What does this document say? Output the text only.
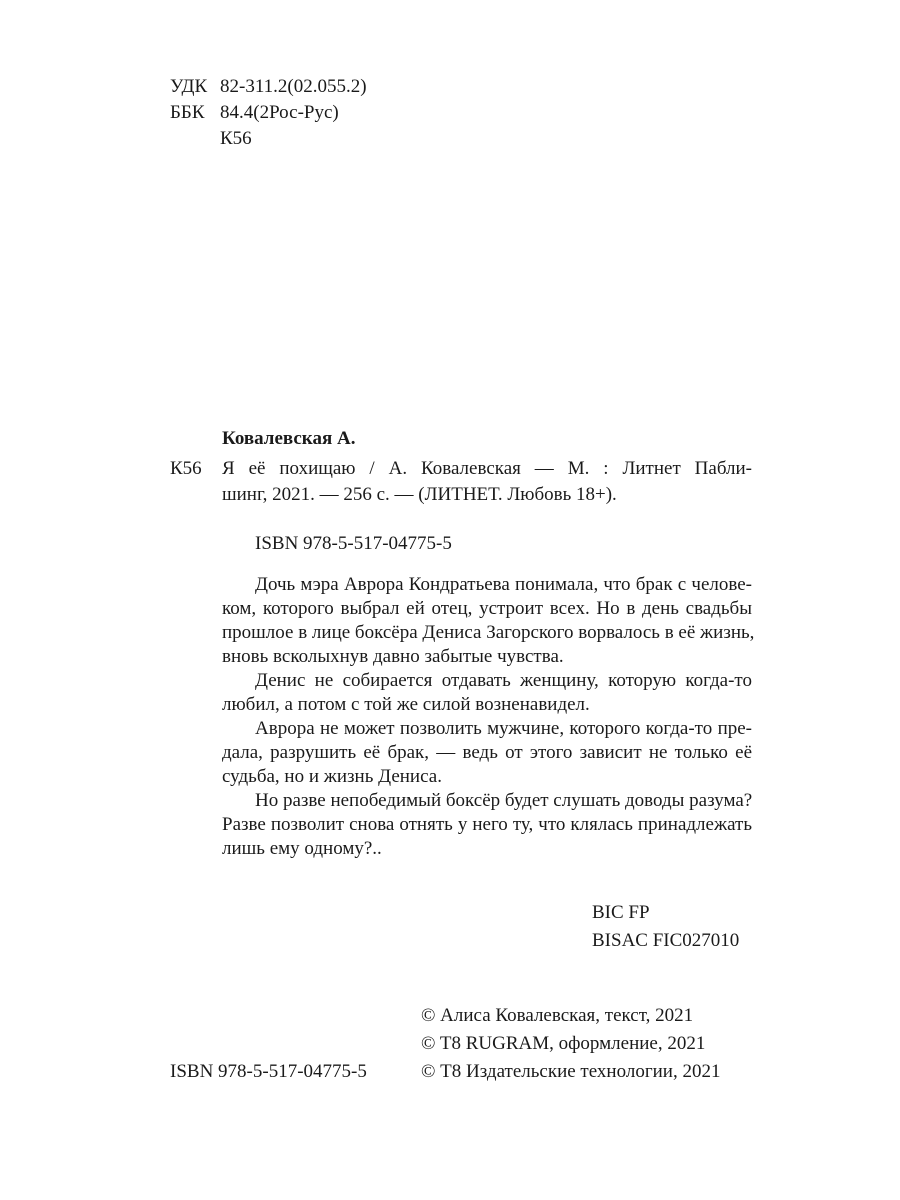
УДК 82-311.2(02.055.2)
ББК 84.4(2Рос-Рус)
К56
Ковалевская А.
К56 Я её похищаю / А. Ковалевская — М. : Литнет Пабли-
шинг, 2021. — 256 с. — (ЛИТНЕТ. Любовь 18+).
ISBN 978-5-517-04775-5
Дочь мэра Аврора Кондратьева понимала, что брак с челове-
ком, которого выбрал ей отец, устроит всех. Но в день свадьбы
прошлое в лице боксёра Дениса Загорского ворвалось в её жизнь,
вновь всколыхнув давно забытые чувства.
Денис не собирается отдавать женщину, которую когда-то
любил, а потом с той же силой возненавидел.
Аврора не может позволить мужчине, которого когда-то пре-
дала, разрушить её брак, — ведь от этого зависит не только её
судьба, но и жизнь Дениса.
Но разве непобедимый боксёр будет слушать доводы разума?
Разве позволит снова отнять у него ту, что клялась принадлежать
лишь ему одному?..
BIC FP
BISAC FIC027010
© Алиса Ковалевская, текст, 2021
© T8 RUGRAM, оформление, 2021
© Т8 Издательские технологии, 2021
ISBN 978-5-517-04775-5
